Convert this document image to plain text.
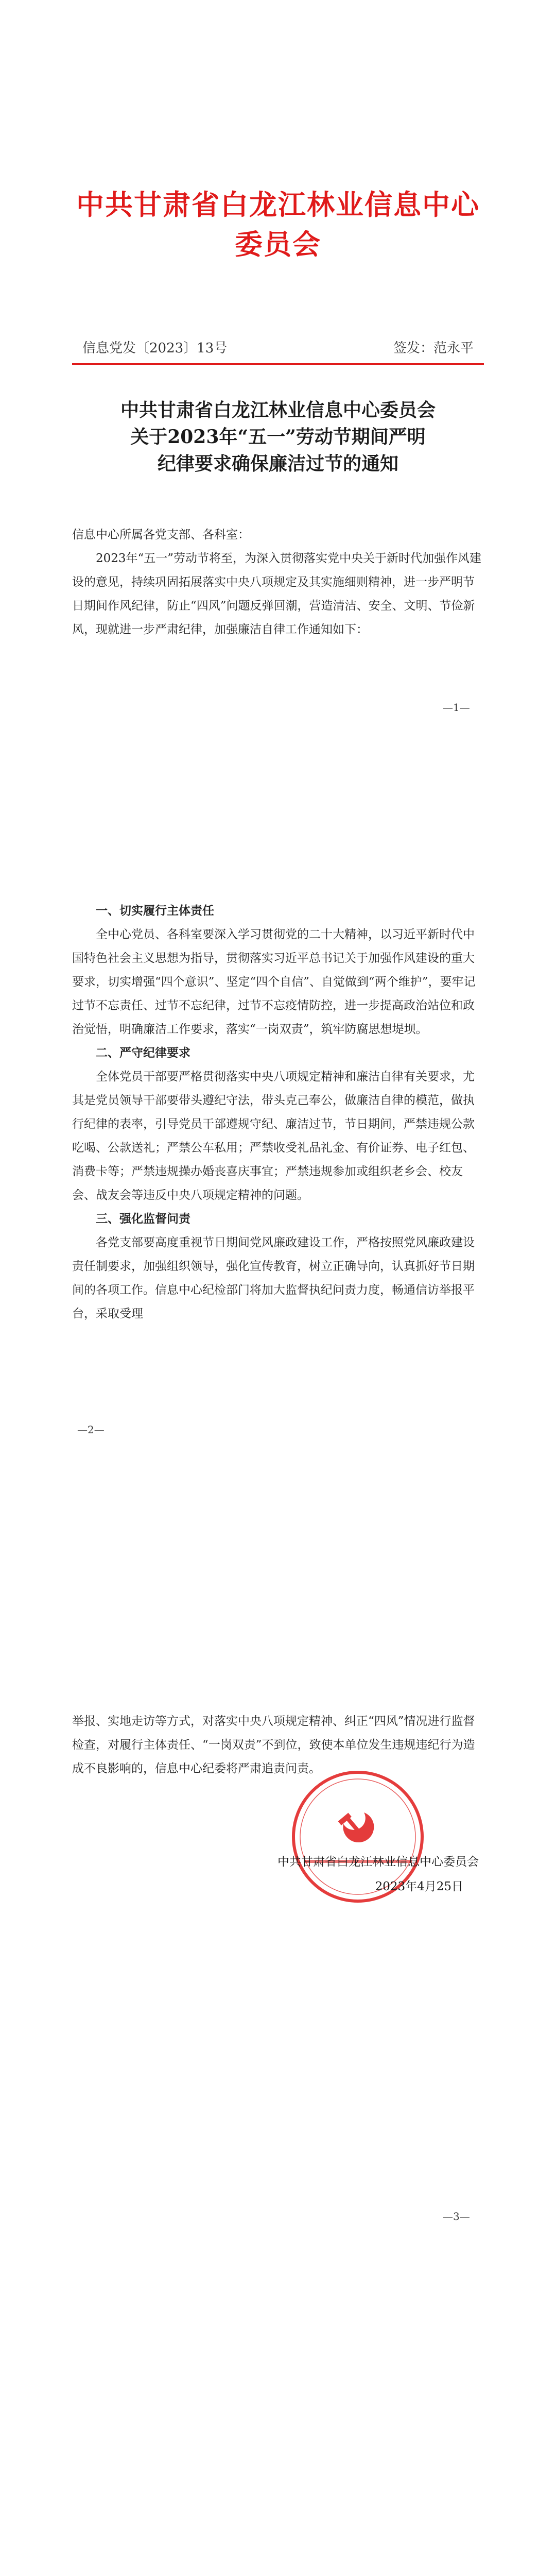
中共甘肃省白龙江林业信息中心委员会
信息党发〔2023〕13号	签发：范永平
中共甘肃省白龙江林业信息中心委员会
关于2023年“五一”劳动节期间严明
纪律要求确保廉洁过节的通知
信息中心所属各党支部、各科室：

2023年“五一”劳动节将至，为深入贯彻落实党中央关于新时代加强作风建设的意见，持续巩固拓展落实中央八项规定及其实施细则精神，进一步严明节日期间作风纪律，防止“四风”问题反弹回潮，营造清洁、安全、文明、节俭新风，现就进一步严肃纪律，加强廉洁自律工作通知如下：

—1—

一、切实履行主体责任

全中心党员、各科室要深入学习贯彻党的二十大精神，以习近平新时代中国特色社会主义思想为指导，贯彻落实习近平总书记关于加强作风建设的重大要求，切实增强“四个意识”、坚定“四个自信”、自觉做到“两个维护”，要牢记过节不忘责任、过节不忘纪律，过节不忘疫情防控，进一步提高政治站位和政治觉悟，明确廉洁工作要求，落实“一岗双责”，筑牢防腐思想堤坝。

二、严守纪律要求

全体党员干部要严格贯彻落实中央八项规定精神和廉洁自律有关要求，尤其是党员领导干部要带头遵纪守法，带头克己奉公，做廉洁自律的模范，做执行纪律的表率，引导党员干部遵规守纪、廉洁过节，节日期间，严禁违规公款吃喝、公款送礼；严禁公车私用；严禁收受礼品礼金、有价证券、电子红包、消费卡等；严禁违规操办婚丧喜庆事宜；严禁违规参加或组织老乡会、校友会、战友会等违反中央八项规定精神的问题。

三、强化监督问责

各党支部要高度重视节日期间党风廉政建设工作，严格按照党风廉政建设责任制要求，加强组织领导，强化宣传教育，树立正确导向，认真抓好节日期间的各项工作。信息中心纪检部门将加大监督执纪问责力度，畅通信访举报平台，采取受理

—2—

举报、实地走访等方式，对落实中央八项规定精神、纠正“四风”情况进行监督检查，对履行主体责任、“一岗双责”不到位，致使本单位发生违规违纪行为造成不良影响的，信息中心纪委将严肃追责问责。

中共甘肃省白龙江林业信息中心委员会
2023年4月25日
—3—
